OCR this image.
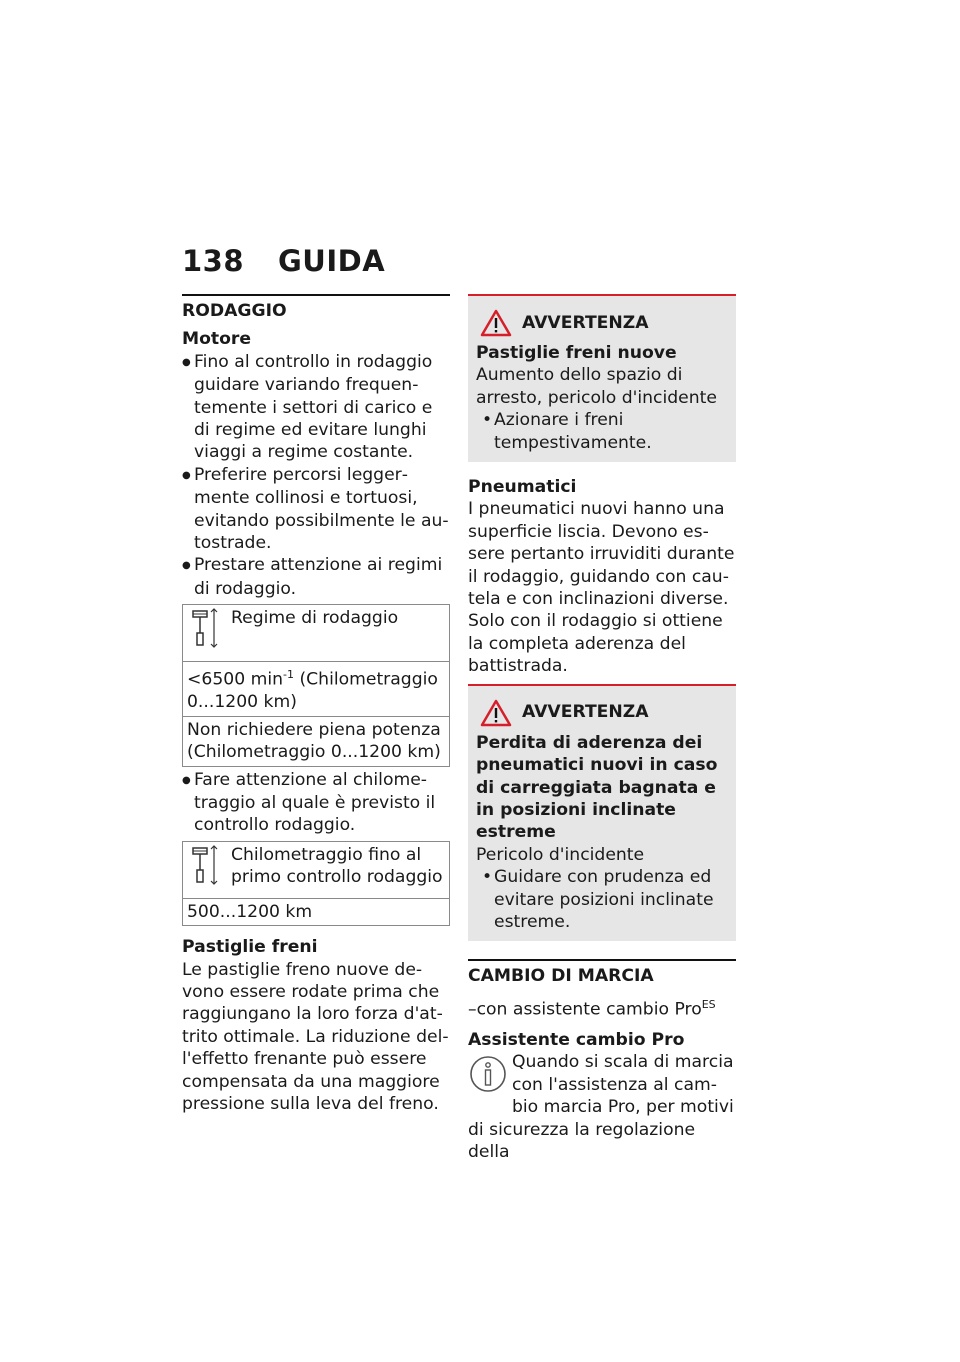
138 GUIDA
RODAGGIO

Motore

● Fino al controllo in rodaggio guidare variando frequentemente i settori di carico e di regime ed evitare lunghi viaggi a regime costante.

● Preferire percorsi leggermente collinosi e tortuosi, evitando possibilmente le autostrade.

● Prestare attenzione ai regimi di rodaggio.

Regime di rodaggio
<6500 $\min^{-1}$ (Chilometraggio 0...1200 km)
Non richiedere piena potenza (Chilometraggio 0...1200 km)

● Fare attenzione al chilometraggio al quale è previsto il controllo rodaggio.

Chilometraggio fino al primo controllo rodaggio
500...1200 km

Pastiglie freni

Le pastiglie freno nuove devono essere rodate prima che raggiungano la loro forza d'attrito ottimale. La riduzione dell'effetto frenante può essere compensata da una maggiore pressione sulla leva del freno.

AVVERTENZA

Pastiglie freni nuove

Aumento dello spazio di arresto, pericolo d'incidente

• Azionare i freni tempestivamente.

Pneumatici

I pneumatici nuovi hanno una superficie liscia. Devono essere pertanto irruviditi durante il rodaggio, guidando con cautela e con inclinazioni diverse. Solo con il rodaggio si ottiene la completa aderenza del battistrada.

AVVERTENZA

Perdita di aderenza dei pneumatici nuovi in caso di carreggiata bagnata e in posizioni inclinate estreme

Pericolo d'incidente

• Guidare con prudenza ed evitare posizioni inclinate estreme.

CAMBIO DI MARCIA

–con assistente cambio Pro$^{ES}$

Assistente cambio Pro

Quando si scala di marcia con l'assistenza al cambio marcia Pro, per motivi di sicurezza la regolazione della
